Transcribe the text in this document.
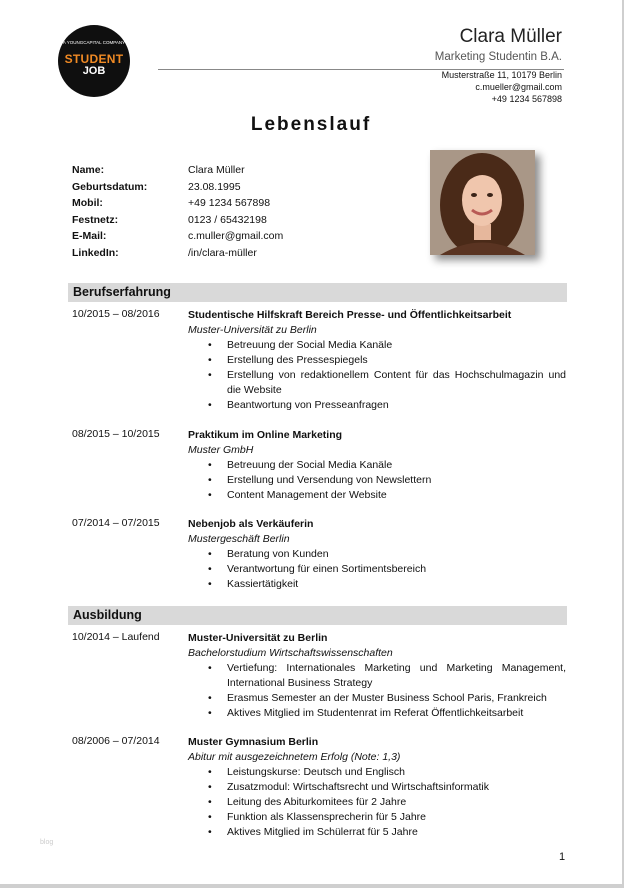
A YOUNGCAPITAL COMPANY
STUDENT
JOB
Clara Müller
Marketing Studentin B.A.
Musterstraße 11, 10179 Berlin
c.mueller@gmail.com
+49 1234 567898
Lebenslauf
Name:	Clara Müller
Geburtsdatum:	23.08.1995
Mobil:	+49 1234 567898
Festnetz:	0123 / 65432198
E-Mail:	c.muller@gmail.com
LinkedIn:	/in/clara-müller
Berufserfahrung
10/2015 – 08/2016	Studentische Hilfskraft Bereich Presse- und Öffentlichkeitsarbeit
Muster-Universität zu Berlin
• Betreuung der Social Media Kanäle
• Erstellung des Pressespiegels
• Erstellung von redaktionellem Content für das Hochschulmagazin und die Website
• Beantwortung von Presseanfragen
08/2015 – 10/2015	Praktikum im Online Marketing
Muster GmbH
• Betreuung der Social Media Kanäle
• Erstellung und Versendung von Newslettern
• Content Management der Website
07/2014 – 07/2015	Nebenjob als Verkäuferin
Mustergeschäft Berlin
• Beratung von Kunden
• Verantwortung für einen Sortimentsbereich
• Kassiertätigkeit
Ausbildung
10/2014 – Laufend	Muster-Universität zu Berlin
Bachelorstudium Wirtschaftswissenschaften
• Vertiefung: Internationales Marketing und Marketing Management, International Business Strategy
• Erasmus Semester an der Muster Business School Paris, Frankreich
• Aktives Mitglied im Studentenrat im Referat Öffentlichkeitsarbeit
08/2006 – 07/2014	Muster Gymnasium Berlin
Abitur mit ausgezeichnetem Erfolg (Note: 1,3)
• Leistungskurse: Deutsch und Englisch
• Zusatzmodul: Wirtschaftsrecht und Wirtschaftsinformatik
• Leitung des Abiturkomitees für 2 Jahre
• Funktion als Klassensprecherin für 5 Jahre
• Aktives Mitglied im Schülerrat für 5 Jahre
blog
1
